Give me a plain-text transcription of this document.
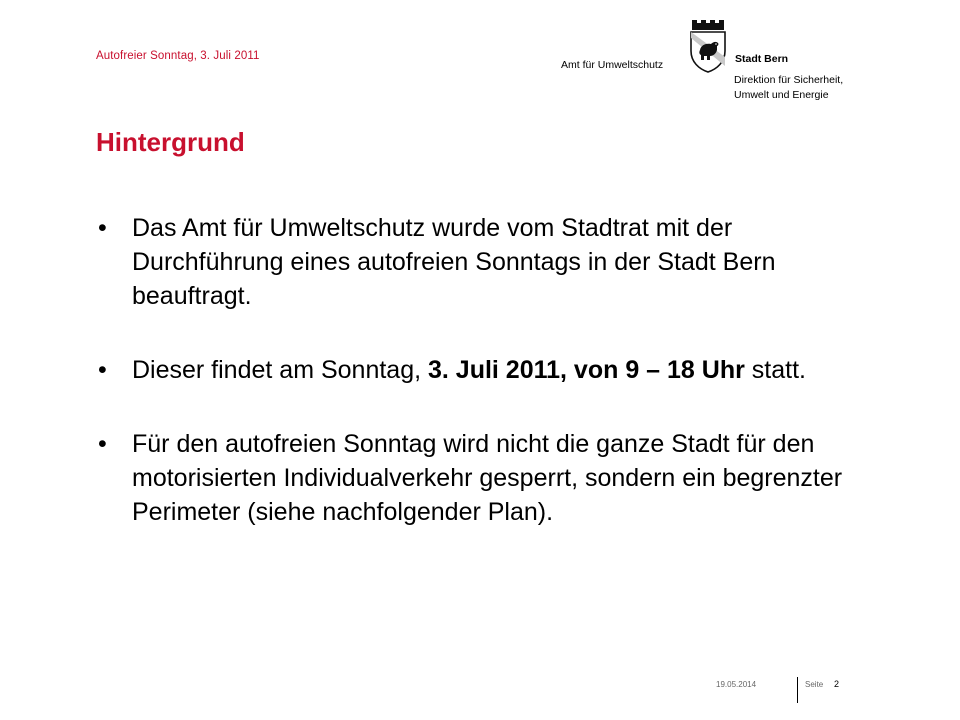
Autofreier Sonntag, 3. Juli 2011
Amt für Umweltschutz	Stadt Bern
Direktion für Sicherheit, Umwelt und Energie
Hintergrund
• Das Amt für Umweltschutz wurde vom Stadtrat mit der Durchführung eines autofreien Sonntags in der Stadt Bern beauftragt.
• Dieser findet am Sonntag, 3. Juli 2011, von 9 – 18 Uhr statt.
• Für den autofreien Sonntag wird nicht die ganze Stadt für den motorisierten Individualverkehr gesperrt, sondern ein begrenzter Perimeter (siehe nachfolgender Plan).
19.05.2014	Seite 2
